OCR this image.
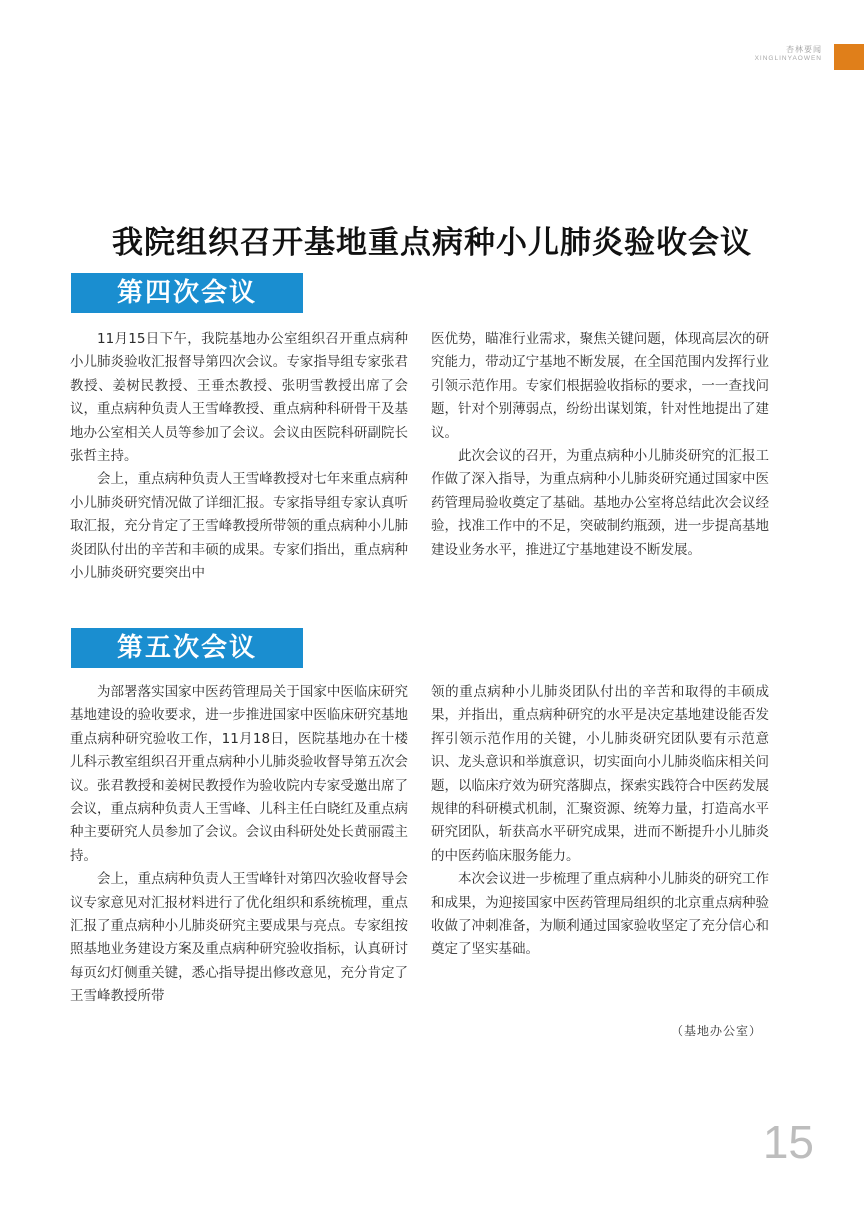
杏林要闻
XINGLINYAOWEN
我院组织召开基地重点病种小儿肺炎验收会议
第四次会议

11月15日下午，我院基地办公室组织召开重点病种小儿肺炎验收汇报督导第四次会议。专家指导组专家张君教授、姜树民教授、王垂杰教授、张明雪教授出席了会议，重点病种负责人王雪峰教授、重点病种科研骨干及基地办公室相关人员等参加了会议。会议由医院科研副院长张哲主持。

会上，重点病种负责人王雪峰教授对七年来重点病种小儿肺炎研究情况做了详细汇报。专家指导组专家认真听取汇报，充分肯定了王雪峰教授所带领的重点病种小儿肺炎团队付出的辛苦和丰硕的成果。专家们指出，重点病种小儿肺炎研究要突出中

医优势，瞄准行业需求，聚焦关键问题，体现高层次的研究能力，带动辽宁基地不断发展，在全国范围内发挥行业引领示范作用。专家们根据验收指标的要求，一一查找问题，针对个别薄弱点，纷纷出谋划策，针对性地提出了建议。

此次会议的召开，为重点病种小儿肺炎研究的汇报工作做了深入指导，为重点病种小儿肺炎研究通过国家中医药管理局验收奠定了基础。基地办公室将总结此次会议经验，找准工作中的不足，突破制约瓶颈，进一步提高基地建设业务水平，推进辽宁基地建设不断发展。

第五次会议

为部署落实国家中医药管理局关于国家中医临床研究基地建设的验收要求，进一步推进国家中医临床研究基地重点病种研究验收工作，11月18日，医院基地办在十楼儿科示教室组织召开重点病种小儿肺炎验收督导第五次会议。张君教授和姜树民教授作为验收院内专家受邀出席了会议，重点病种负责人王雪峰、儿科主任白晓红及重点病种主要研究人员参加了会议。会议由科研处处长黄丽霞主持。

会上，重点病种负责人王雪峰针对第四次验收督导会议专家意见对汇报材料进行了优化组织和系统梳理，重点汇报了重点病种小儿肺炎研究主要成果与亮点。专家组按照基地业务建设方案及重点病种研究验收指标，认真研讨每页幻灯侧重关键，悉心指导提出修改意见，充分肯定了王雪峰教授所带

领的重点病种小儿肺炎团队付出的辛苦和取得的丰硕成果，并指出，重点病种研究的水平是决定基地建设能否发挥引领示范作用的关键，小儿肺炎研究团队要有示范意识、龙头意识和举旗意识，切实面向小儿肺炎临床相关问题，以临床疗效为研究落脚点，探索实践符合中医药发展规律的科研模式机制，汇聚资源、统筹力量，打造高水平研究团队，斩获高水平研究成果，进而不断提升小儿肺炎的中医药临床服务能力。

本次会议进一步梳理了重点病种小儿肺炎的研究工作和成果，为迎接国家中医药管理局组织的北京重点病种验收做了冲刺准备，为顺利通过国家验收坚定了充分信心和奠定了坚实基础。

（基地办公室）
15
